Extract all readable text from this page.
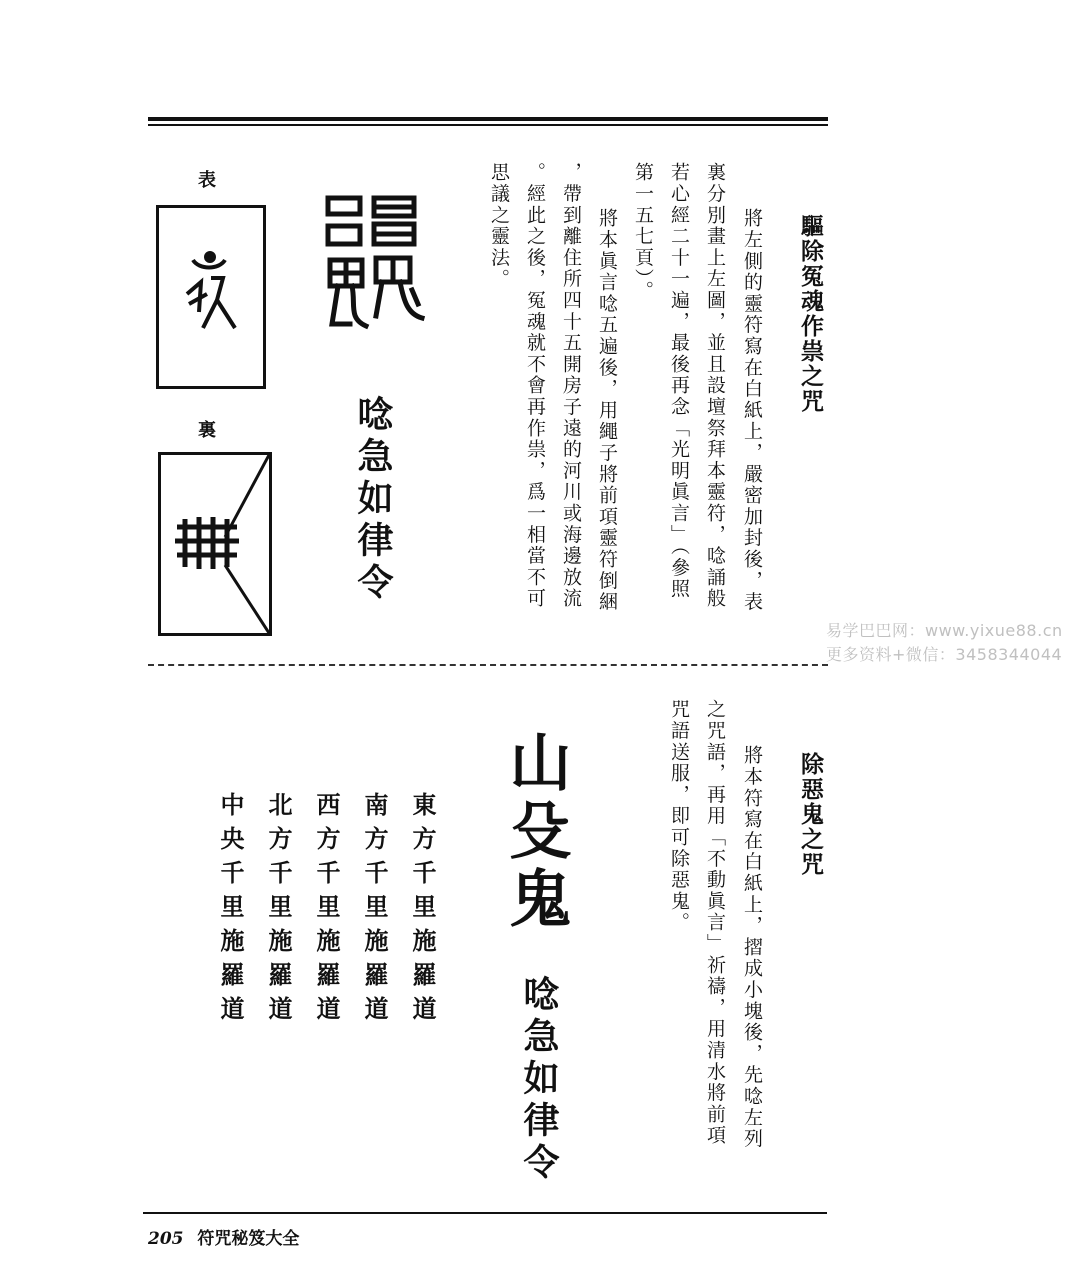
驅除冤魂作祟之咒
將左側的靈符寫在白紙上，嚴密加封後，表
裏分別畫上左圖，並且設壇祭拜本靈符，唸誦般
若心經二十一遍，最後再念「光明眞言」（參照
第一五七頁）。
將本眞言唸五遍後，用繩子將前項靈符倒綑
，帶到離住所四十五開房子遠的河川或海邊放流
。經此之後，冤魂就不會再作祟，爲一相當不可
思議之靈法。
唸急如律令
表
裏
除惡鬼之咒
將本符寫在白紙上，摺成小塊後，先唸左列
之咒語，再用「不動眞言」祈禱，用清水將前項
咒語送服，即可除惡鬼。
山殳鬼
唸急如律令
東方千里施羅道
南方千里施羅道
西方千里施羅道
北方千里施羅道
中央千里施羅道
易学巴巴网：www.yixue88.cn
更多资料+微信：3458344044
205 符咒秘笈大全
